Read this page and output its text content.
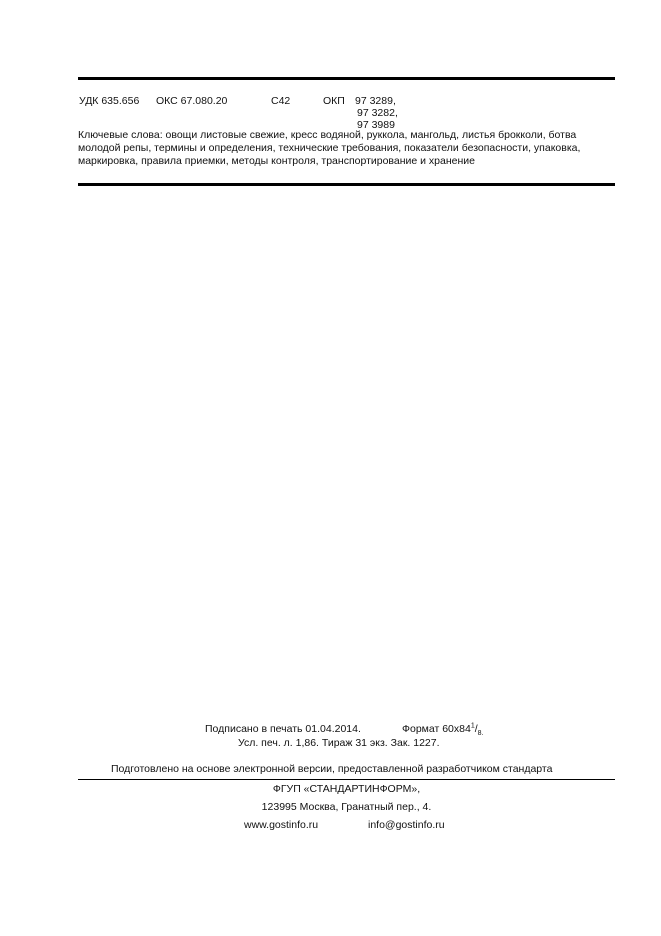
УДК 635.656 ОКС 67.080.20	С42	ОКП 97 3289,
97 3282,
97 3989
Ключевые слова: овощи листовые свежие, кресс водяной, руккола, мангольд, листья брокколи, ботва молодой репы, термины и определения, технические требования, показатели безопасности, упаковка, маркировка, правила приемки, методы контроля, транспортирование и хранение
Подписано в печать 01.04.2014.	Формат $60x84^1/_{8.}$
Усл. печ. л. 1,86. Тираж 31 экз. Зак. 1227.
Подготовлено на основе электронной версии, предоставленной разработчиком стандарта
ФГУП «СТАНДАРТИНФОРМ»,
123995 Москва, Гранатный пер., 4.
www.gostinfo.ru	info@gostinfo.ru
